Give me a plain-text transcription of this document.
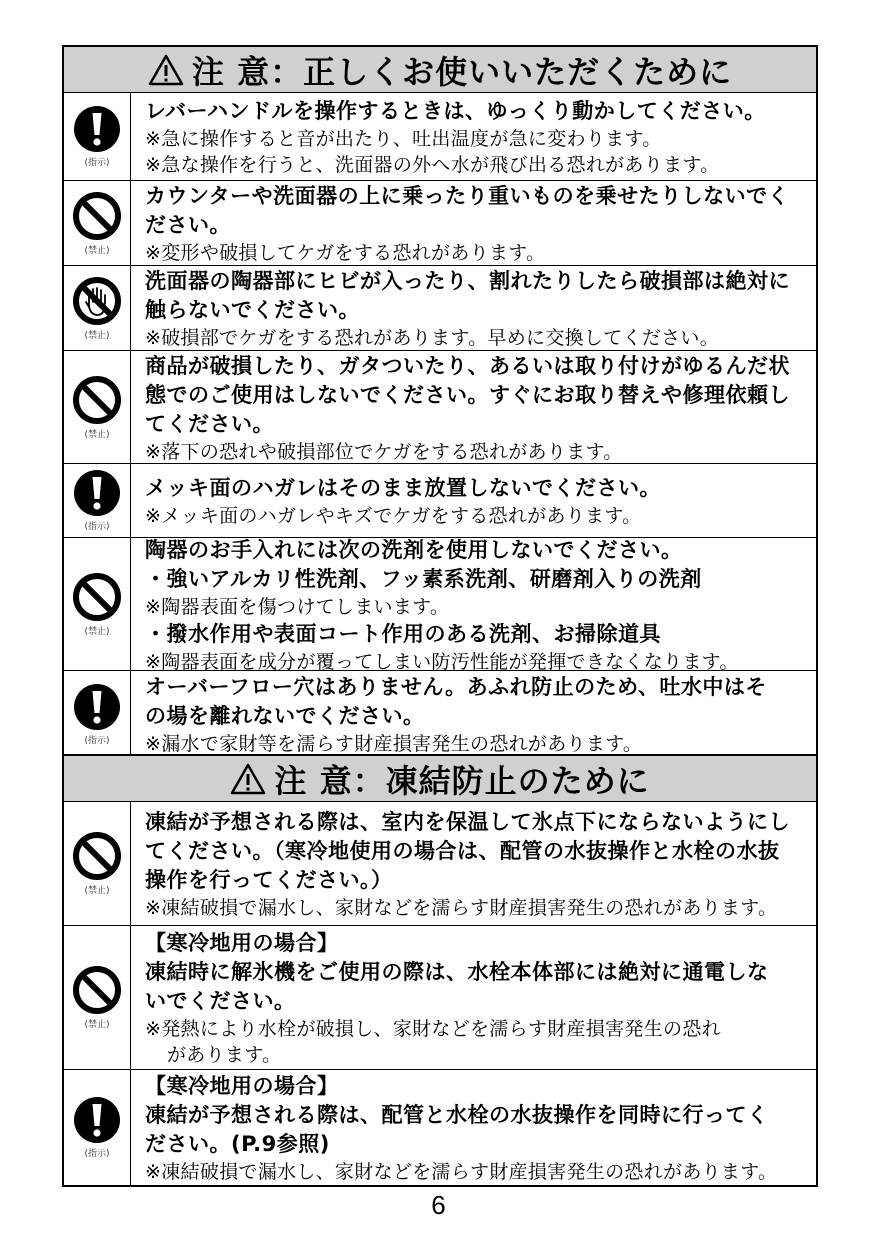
注 意：正しくお使いいただくために
(指示)
レバーハンドルを操作するときは、ゆっくり動かしてください。
※急に操作すると音が出たり、吐出温度が急に変わります。
※急な操作を行うと、洗面器の外へ水が飛び出る恐れがあります。
(禁止)
カウンターや洗面器の上に乗ったり重いものを乗せたりしないでく
ださい。
※変形や破損してケガをする恐れがあります。
(禁止)
洗面器の陶器部にヒビが入ったり、割れたりしたら破損部は絶対に
触らないでください。
※破損部でケガをする恐れがあります。早めに交換してください。
(禁止)
商品が破損したり、ガタついたり、あるいは取り付けがゆるんだ状
態でのご使用はしないでください。すぐにお取り替えや修理依頼し
てください。
※落下の恐れや破損部位でケガをする恐れがあります。
(指示)
メッキ面のハガレはそのまま放置しないでください。
※メッキ面のハガレやキズでケガをする恐れがあります。
(禁止)
陶器のお手入れには次の洗剤を使用しないでください。
・強いアルカリ性洗剤、フッ素系洗剤、研磨剤入りの洗剤
※陶器表面を傷つけてしまいます。
・撥水作用や表面コート作用のある洗剤、お掃除道具
※陶器表面を成分が覆ってしまい防汚性能が発揮できなくなります。
(指示)
オーバーフロー穴はありません。あふれ防止のため、吐水中はそ
の場を離れないでください。
※漏水で家財等を濡らす財産損害発生の恐れがあります。
注 意：凍結防止のために
(禁止)
凍結が予想される際は、室内を保温して氷点下にならないようにし
てください。（寒冷地使用の場合は、配管の水抜操作と水栓の水抜
操作を行ってください。）
※凍結破損で漏水し、家財などを濡らす財産損害発生の恐れがあります。
(禁止)
【寒冷地用の場合】
凍結時に解氷機をご使用の際は、水栓本体部には絶対に通電しな
いでください。
※発熱により水栓が破損し、家財などを濡らす財産損害発生の恐れ
があります。
(指示)
【寒冷地用の場合】
凍結が予想される際は、配管と水栓の水抜操作を同時に行ってく
ださい。(P.9参照)
※凍結破損で漏水し、家財などを濡らす財産損害発生の恐れがあります。
6
